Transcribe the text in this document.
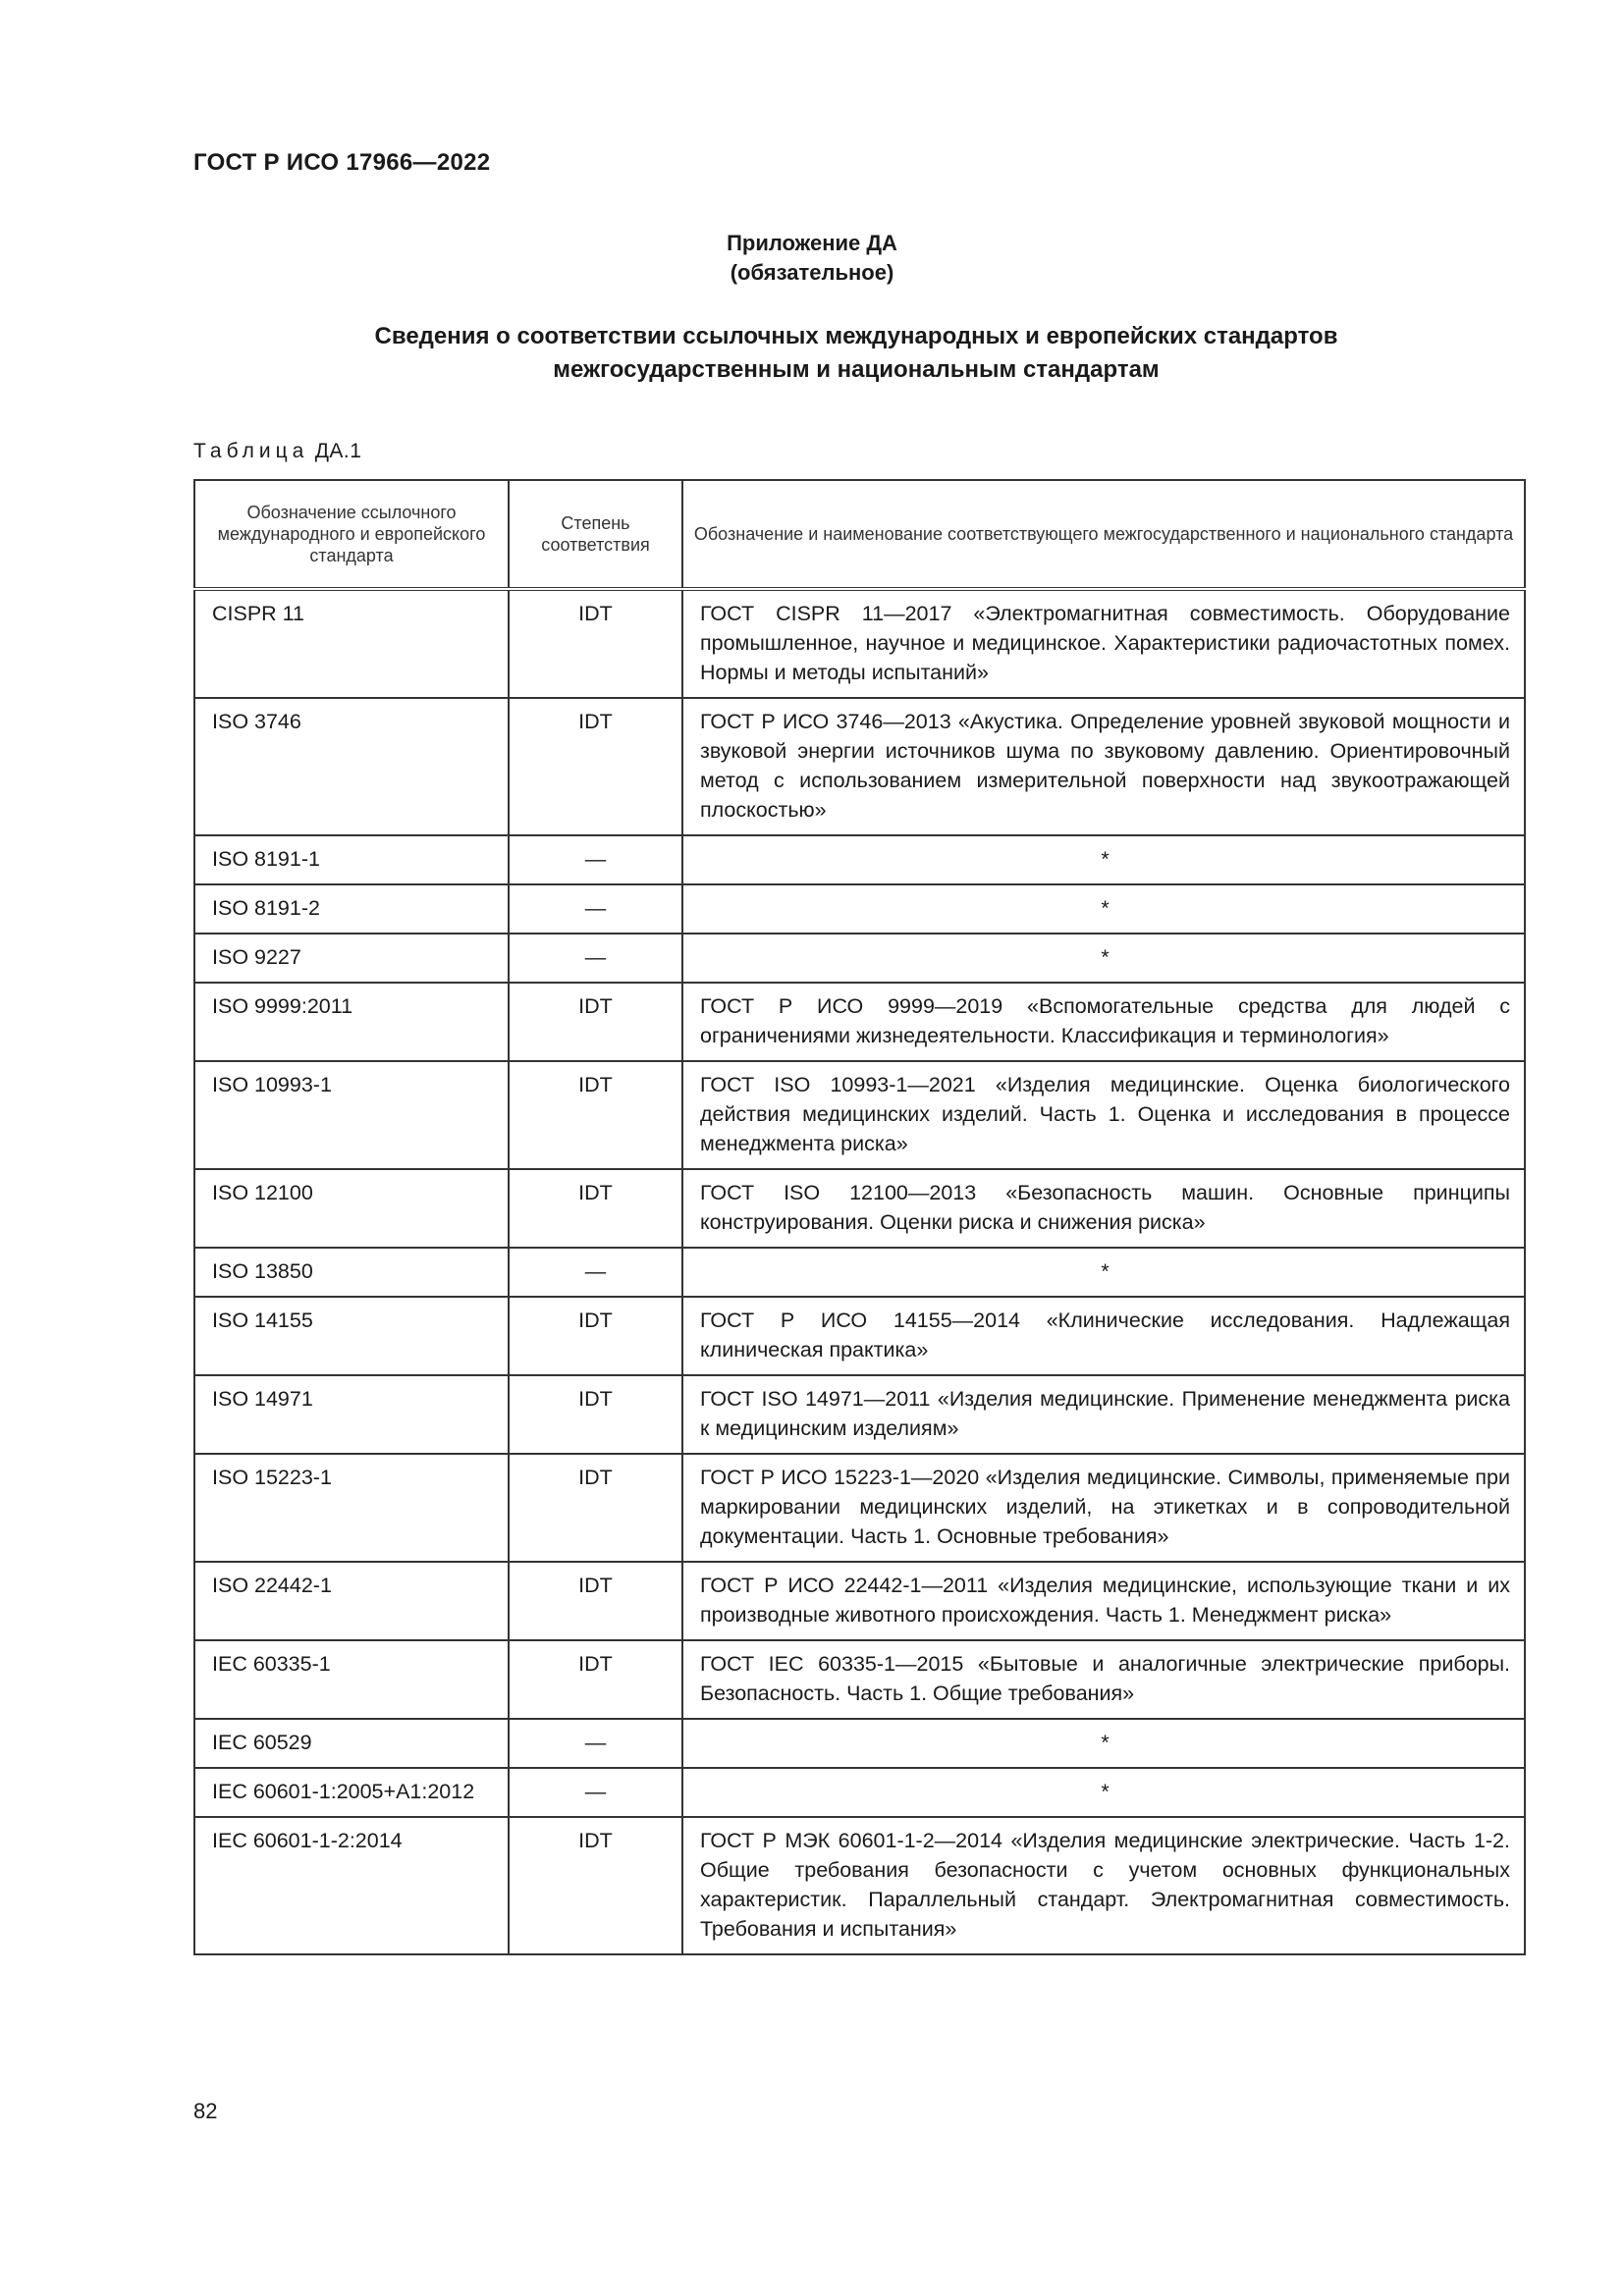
ГОСТ Р ИСО 17966—2022
Приложение ДА
(обязательное)
Сведения о соответствии ссылочных международных и европейских стандартов
межгосударственным и национальным стандартам
Таблица ДА.1
Обозначение ссылочного международного и европейского стандарта	Степень соответствия	Обозначение и наименование соответствующего межгосударственного и национального стандарта
CISPR 11	IDT	ГОСТ CISPR 11—2017 «Электромагнитная совместимость. Оборудование промышленное, научное и медицинское. Характеристики радиочастотных помех. Нормы и методы испытаний»
ISO 3746	IDT	ГОСТ Р ИСО 3746—2013 «Акустика. Определение уровней звуковой мощности и звуковой энергии источников шума по звуковому давлению. Ориентировочный метод с использованием измерительной поверхности над звукоотражающей плоскостью»
ISO 8191-1	—	*
ISO 8191-2	—	*
ISO 9227	—	*
ISO 9999:2011	IDT	ГОСТ Р ИСО 9999—2019 «Вспомогательные средства для людей с ограничениями жизнедеятельности. Классификация и терминология»
ISO 10993-1	IDT	ГОСТ ISO 10993-1—2021 «Изделия медицинские. Оценка биологического действия медицинских изделий. Часть 1. Оценка и исследования в процессе менеджмента риска»
ISO 12100	IDT	ГОСТ ISO 12100—2013 «Безопасность машин. Основные принципы конструирования. Оценки риска и снижения риска»
ISO 13850	—	*
ISO 14155	IDT	ГОСТ Р ИСО 14155—2014 «Клинические исследования. Надлежащая клиническая практика»
ISO 14971	IDT	ГОСТ ISO 14971—2011 «Изделия медицинские. Применение менеджмента риска к медицинским изделиям»
ISO 15223-1	IDT	ГОСТ Р ИСО 15223-1—2020 «Изделия медицинские. Символы, применяемые при маркировании медицинских изделий, на этикетках и в сопроводительной документации. Часть 1. Основные требования»
ISO 22442-1	IDT	ГОСТ Р ИСО 22442-1—2011 «Изделия медицинские, использующие ткани и их производные животного происхождения. Часть 1. Менеджмент риска»
IEC 60335-1	IDT	ГОСТ IEC 60335-1—2015 «Бытовые и аналогичные электрические приборы. Безопасность. Часть 1. Общие требования»
IEC 60529	—	*
IEC 60601-1:2005+A1:2012	—	*
IEC 60601-1-2:2014	IDT	ГОСТ Р МЭК 60601-1-2—2014 «Изделия медицинские электрические. Часть 1-2. Общие требования безопасности с учетом основных функциональных характеристик. Параллельный стандарт. Электромагнитная совместимость. Требования и испытания»
82
